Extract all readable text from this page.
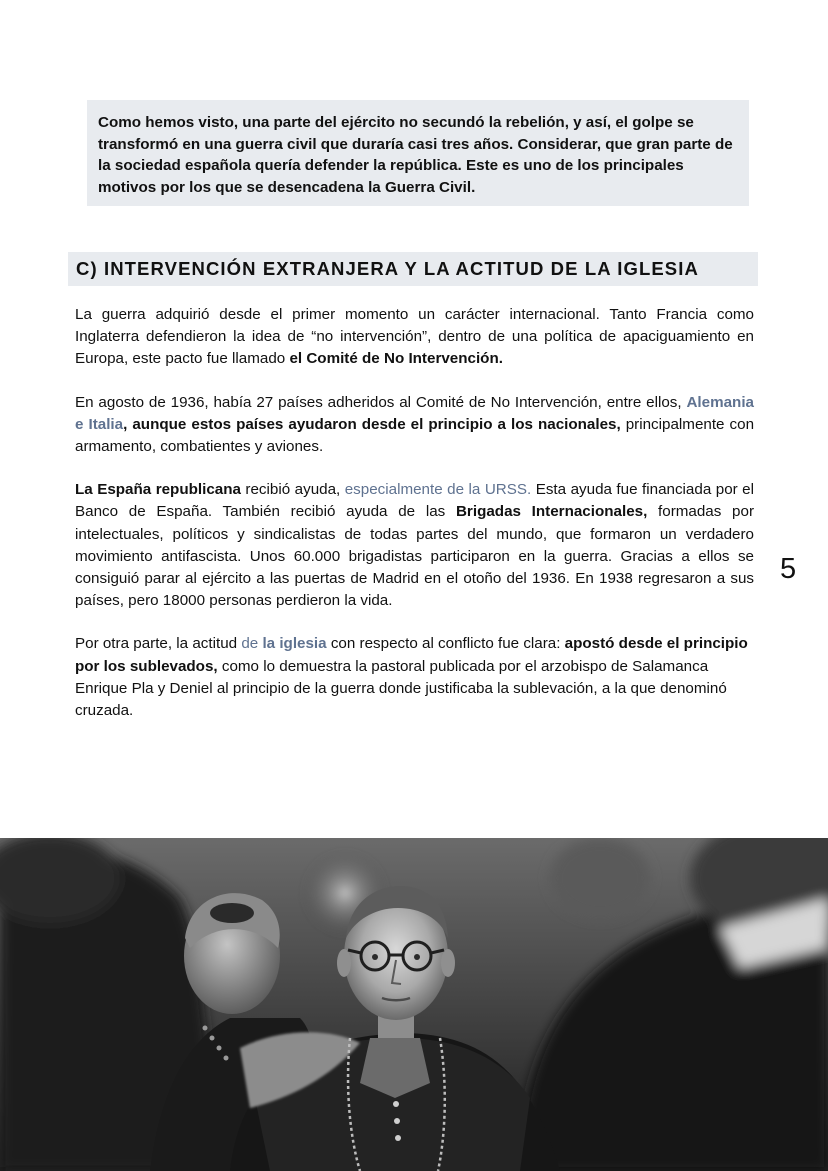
Como hemos visto, una parte del ejército no secundó la rebelión, y así, el golpe se transformó en una guerra civil que duraría casi tres años. Considerar, que gran parte de la sociedad española quería defender la república. Este es uno de los principales motivos por los que se desencadena la Guerra Civil.

C) INTERVENCIÓN EXTRANJERA Y LA ACTITUD DE LA IGLESIA

La guerra adquirió desde el primer momento un carácter internacional. Tanto Francia como Inglaterra defendieron la idea de “no intervención”, dentro de una política de apaciguamiento en Europa, este pacto fue llamado el Comité de No Intervención.

En agosto de 1936, había 27 países adheridos al Comité de No Intervención, entre ellos, Alemania e Italia, aunque estos países ayudaron desde el principio a los nacionales, principalmente con armamento, combatientes y aviones.

La España republicana recibió ayuda, especialmente de la URSS. Esta ayuda fue financiada por el Banco de España. También recibió ayuda de las Brigadas Internacionales, formadas por intelectuales, políticos y sindicalistas de todas partes del mundo, que formaron un verdadero movimiento antifascista. Unos 60.000 brigadistas participaron en la guerra. Gracias a ellos se consiguió parar al ejército a las puertas de Madrid en el otoño del 1936. En 1938 regresaron a sus países, pero 18000 personas perdieron la vida.

Por otra parte, la actitud de la iglesia con respecto al conflicto fue clara: apostó desde el principio por los sublevados, como lo demuestra la pastoral publicada por el arzobispo de Salamanca Enrique Pla y Deniel al principio de la guerra donde justificaba la sublevación, a la que denominó cruzada.

5
